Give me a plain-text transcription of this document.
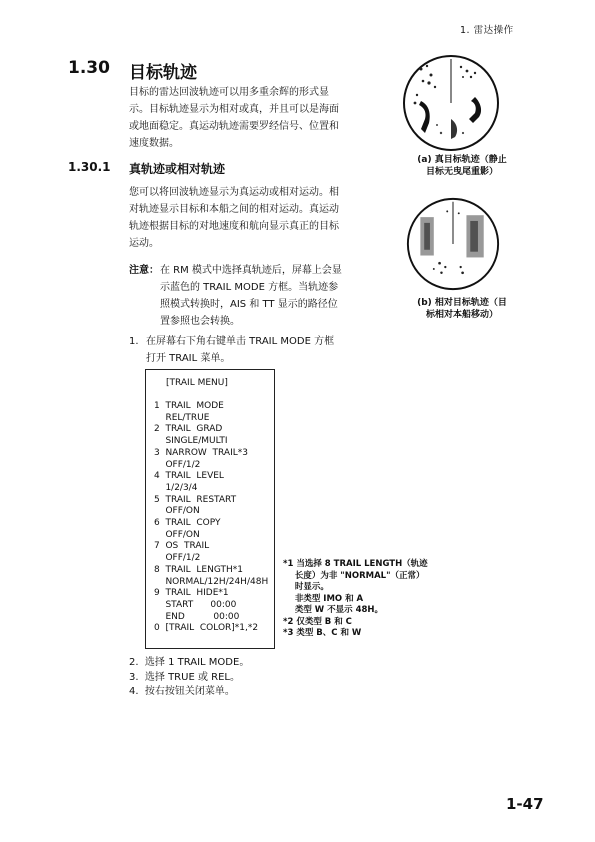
1. 雷达操作
1.30 目标轨迹
目标的雷达回波轨迹可以用多重余辉的形式显
示。目标轨迹显示为相对或真，并且可以是海面
或地面稳定。真运动轨迹需要罗经信号、位置和
速度数据。
1.30.1 真轨迹或相对轨迹
您可以将回波轨迹显示为真运动或相对运动。相
对轨迹显示目标和本船之间的相对运动。真运动
轨迹根据目标的对地速度和航向显示真正的目标
运动。
注意： 在 RM 模式中选择真轨迹后，屏幕上会显
示蓝色的 TRAIL MODE 方框。当轨迹参
照模式转换时，AIS 和 TT 显示的路径位
置参照也会转换。
1. 在屏幕右下角右键单击 TRAIL MODE 方框
打开 TRAIL 菜单。
[TRAIL MENU]
1  TRAIL  MODE
REL/TRUE
2  TRAIL  GRAD
SINGLE/MULTI
3  NARROW  TRAIL*3
OFF/1/2
4  TRAIL  LEVEL
1/2/3/4
5  TRAIL  RESTART
OFF/ON
6  TRAIL  COPY
OFF/ON
7  OS  TRAIL
OFF/1/2
8  TRAIL  LENGTH*1
NORMAL/12H/24H/48H
9  TRAIL  HIDE*1
START      00:00
END          00:00
0  [TRAIL  COLOR]*1,*2
*1 当选择 8 TRAIL LENGTH（轨迹
长度）为非 "NORMAL"（正常）
时显示。
非类型 IMO 和 A
类型 W 不显示 48H。
*2 仅类型 B 和 C
*3 类型 B、C 和 W
2.  选择 1 TRAIL MODE。
3.  选择 TRUE 或 REL。
4.  按右按钮关闭菜单。
(a) 真目标轨迹（静止
目标无曳尾重影）
(b) 相对目标轨迹（目
标相对本船移动）
1-47
